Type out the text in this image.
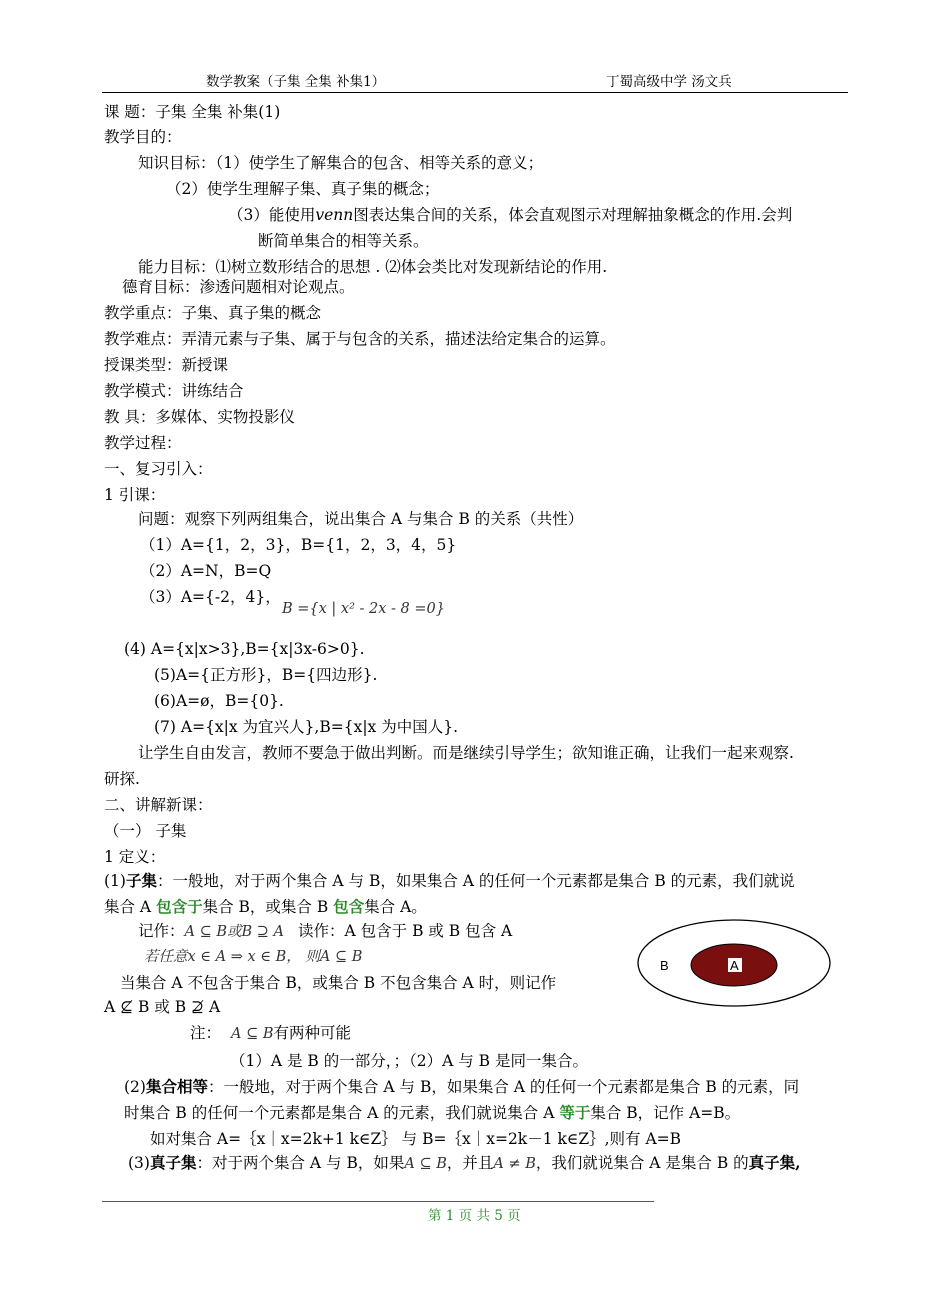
数学教案（子集 全集 补集1）	丁蜀高级中学 汤文兵
课 题：子集 全集 补集(1)
教学目的：
知识目标：（1）使学生了解集合的包含、相等关系的意义；
（2）使学生理解子集、真子集的概念；
（3）能使用venn图表达集合间的关系，体会直观图示对理解抽象概念的作用.会判
断简单集合的相等关系。
能力目标：⑴树立数形结合的思想 . ⑵体会类比对发现新结论的作用.
德育目标：渗透问题相对论观点。
教学重点：子集、真子集的概念
教学难点：弄清元素与子集、属于与包含的关系，描述法给定集合的运算。
授课类型：新授课
教学模式：讲练结合
教 具：多媒体、实物投影仪
教学过程：
一、复习引入：
1 引课：
问题：观察下列两组集合，说出集合 A 与集合 B 的关系（共性）
（1）A={1，2，3}，B={1，2，3，4，5}
（2）A=N，B=Q
（3）A={-2，4}，
B ={x | x² - 2x - 8 =0}
(4) A={x|x>3},B={x|3x-6>0}.
(5)A={正方形}，B={四边形}.
(6)A=ø，B={0}.
(7) A={x|x 为宜兴人},B={x|x 为中国人}.
让学生自由发言，教师不要急于做出判断。而是继续引导学生；欲知谁正确，让我们一起来观察.
研探.
二、讲解新课：
（一） 子集
1 定义：
(1)子集：一般地，对于两个集合 A 与 B，如果集合 A 的任何一个元素都是集合 B 的元素，我们就说
集合 A 包含于集合 B，或集合 B 包含集合 A。
记作：A ⊆ B或B ⊇ A 读作：A 包含于 B 或 B 包含 A
若任意x ∈ A ⇒ x ∈ B， 则A ⊆ B
当集合 A 不包含于集合 B，或集合 B 不包含集合 A 时，则记作
A ⊈ B 或 B ⊉ A
注： A ⊆ B有两种可能
（1）A 是 B 的一部分，；（2）A 与 B 是同一集合。
(2)集合相等：一般地，对于两个集合 A 与 B，如果集合 A 的任何一个元素都是集合 B 的元素，同
时集合 B 的任何一个元素都是集合 A 的元素，我们就说集合 A 等于集合 B，记作 A=B。
如对集合 A=｛x｜x=2k+1 k∈Z｝ 与 B=｛x｜x=2k－1 k∈Z｝,则有 A=B
(3)真子集：对于两个集合 A 与 B，如果A ⊆ B，并且A ≠ B，我们就说集合 A 是集合 B 的真子集,
B	A
第 1 页 共 5 页
